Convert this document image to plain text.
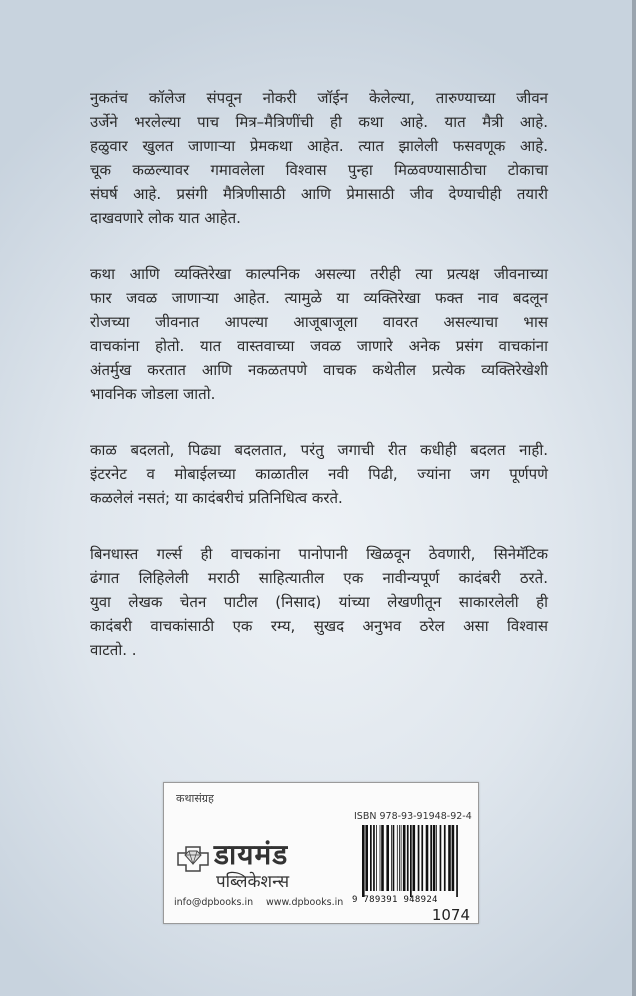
नुकतंच कॉलेज संपवून नोकरी जॉईन केलेल्या, तारुण्याच्या जीवन
उर्जेने भरलेल्या पाच मित्र–मैत्रिणींची ही कथा आहे. यात मैत्री आहे.
हळुवार खुलत जाणाऱ्या प्रेमकथा आहेत. त्यात झालेली फसवणूक आहे.
चूक कळल्यावर गमावलेला विश्वास पुन्हा मिळवण्यासाठीचा टोकाचा
संघर्ष आहे. प्रसंगी मैत्रिणीसाठी आणि प्रेमासाठी जीव देण्याचीही तयारी
दाखवणारे लोक यात आहेत.
कथा आणि व्यक्तिरेखा काल्पनिक असल्या तरीही त्या प्रत्यक्ष जीवनाच्या
फार जवळ जाणाऱ्या आहेत. त्यामुळे या व्यक्तिरेखा फक्त नाव बदलून
रोजच्या जीवनात आपल्या आजूबाजूला वावरत असल्याचा भास
वाचकांना होतो. यात वास्तवाच्या जवळ जाणारे अनेक प्रसंग वाचकांना
अंतर्मुख करतात आणि नकळतपणे वाचक कथेतील प्रत्येक व्यक्तिरेखेशी
भावनिक जोडला जातो.
काळ बदलतो, पिढ्या बदलतात, परंतु जगाची रीत कधीही बदलत नाही.
इंटरनेट व मोबाईलच्या काळातील नवी पिढी, ज्यांना जग पूर्णपणे
कळलेलं नसतं; या कादंबरीचं प्रतिनिधित्व करते.
बिनधास्त गर्ल्स ही वाचकांना पानोपानी खिळवून ठेवणारी, सिनेमॅटिक
ढंगात लिहिलेली मराठी साहित्यातील एक नावीन्यपूर्ण कादंबरी ठरते.
युवा लेखक चेतन पाटील (निसाद) यांच्या लेखणीतून साकारलेली ही
कादंबरी वाचकांसाठी एक रम्य, सुखद अनुभव ठरेल असा विश्वास
वाटतो. .
कथासंग्रह
डायमंड
पब्लिकेशन्स
info@dpbooks.in www.dpbooks.in
ISBN 978-93-91948-92-4
9 789391 948924
1074
